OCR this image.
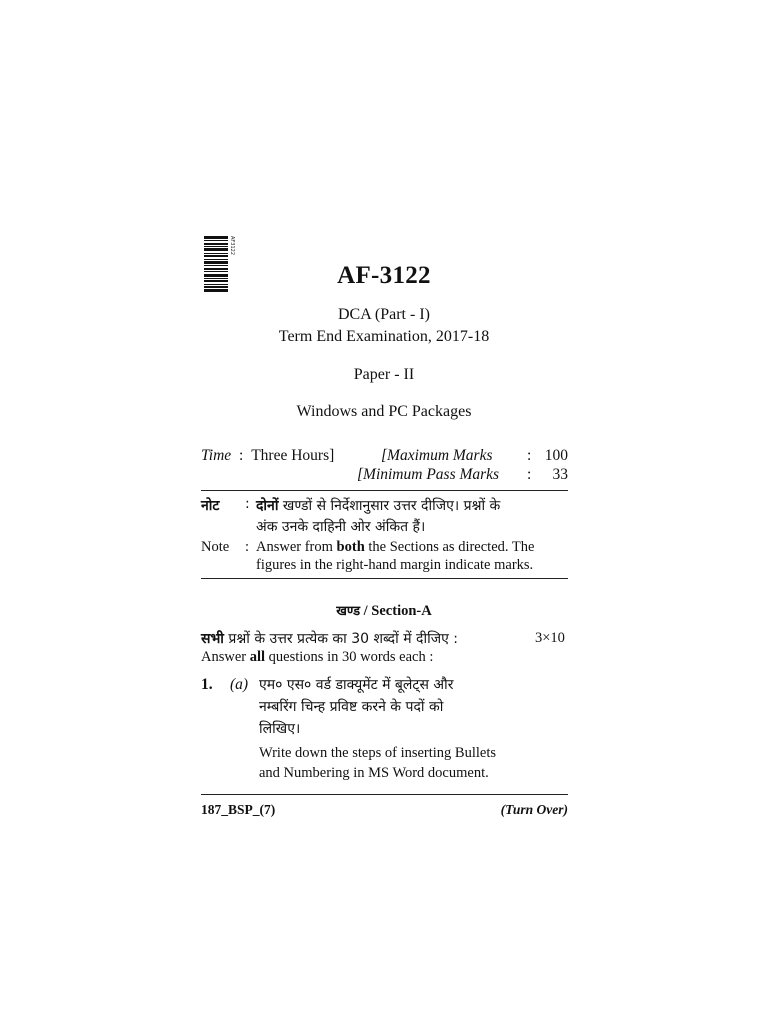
AF3122
AF-3122
DCA (Part - I)
Term End Examination, 2017-18
Paper - II
Windows and PC Packages
Time : Three Hours]	[Maximum Marks : 100
[Minimum Pass Marks :	33
नोट : दोनों खण्डों से निर्देशानुसार उत्तर दीजिए। प्रश्नों के
अंक उनके दाहिनी ओर अंकित हैं।
Note : Answer from both the Sections as directed. The
figures in the right-hand margin indicate marks.
खण्ड / Section-A
सभी प्रश्नों के उत्तर प्रत्येक का 30 शब्दों में दीजिए :	3×10
Answer all questions in 30 words each :
1. (a) एम० एस० वर्ड डाक्यूमेंट में बूलेट्स और
नम्बरिंग चिन्ह प्रविष्ट करने के पदों को
लिखिए।
Write down the steps of inserting Bullets
and Numbering in MS Word document.
187_BSP_(7)	(Turn Over)
